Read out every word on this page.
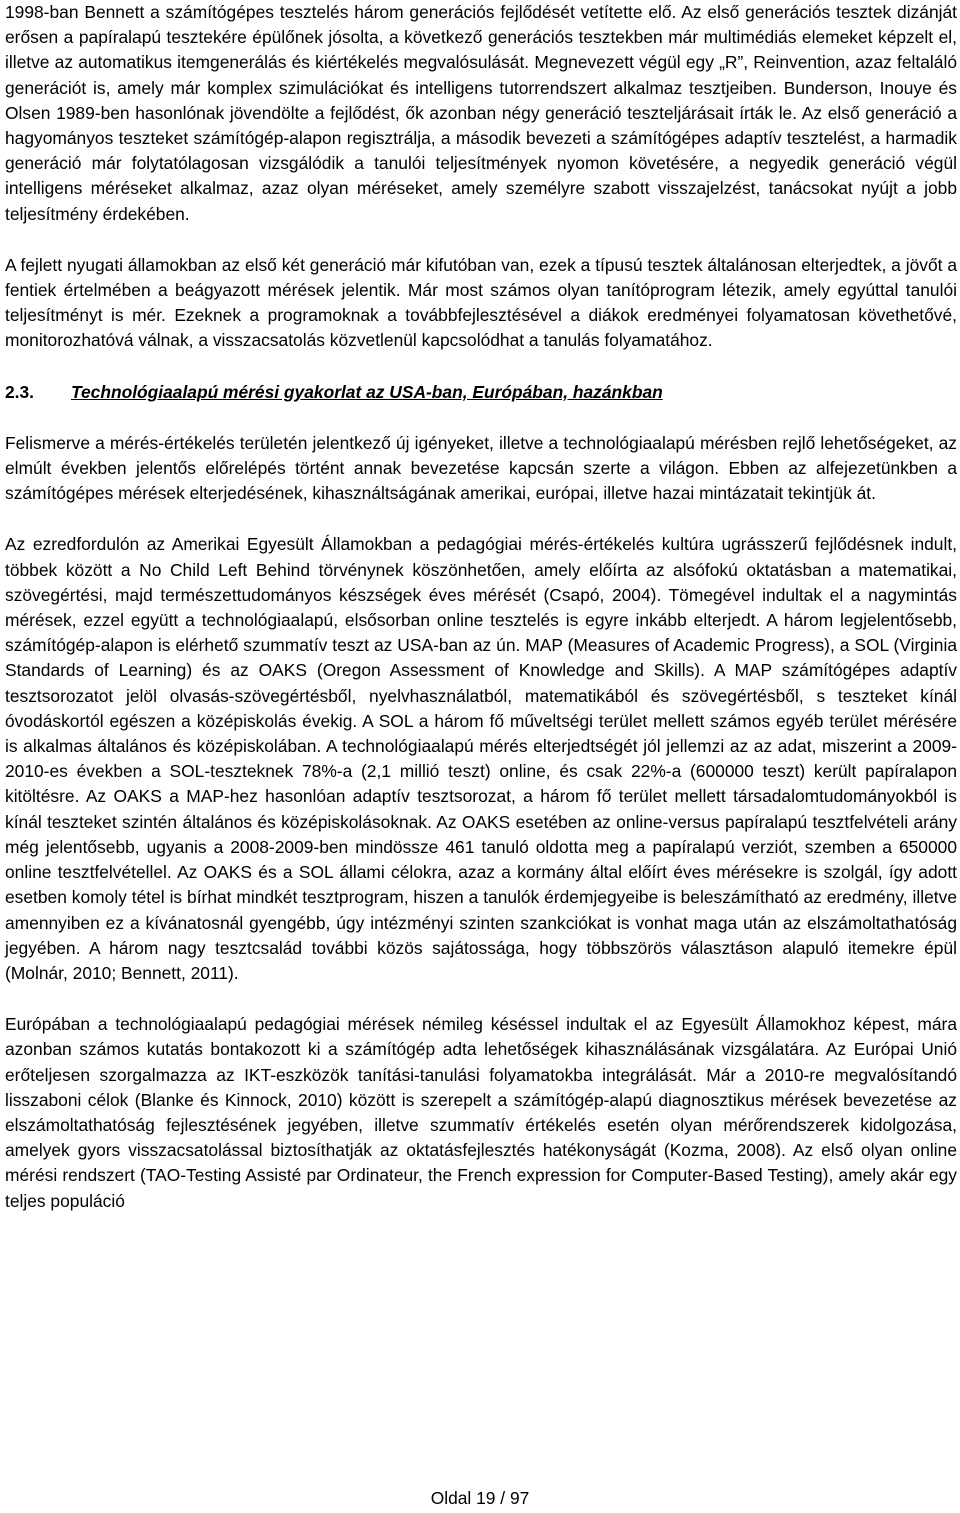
1998-ban Bennett a számítógépes tesztelés három generációs fejlődését vetítette elő. Az első generációs tesztek dizánját erősen a papíralapú tesztekére épülőnek jósolta, a következő generációs tesztekben már multimédiás elemeket képzelt el, illetve az automatikus itemgenerálás és kiértékelés megvalósulását. Megnevezett végül egy „R”, Reinvention, azaz feltaláló generációt is, amely már komplex szimulációkat és intelligens tutorrendszert alkalmaz tesztjeiben. Bunderson, Inouye és Olsen 1989-ben hasonlónak jövendölte a fejlődést, ők azonban négy generáció teszteljárásait írták le. Az első generáció a hagyományos teszteket számítógép-alapon regisztrálja, a második bevezeti a számítógépes adaptív tesztelést, a harmadik generáció már folytatólagosan vizsgálódik a tanulói teljesítmények nyomon követésére, a negyedik generáció végül intelligens méréseket alkalmaz, azaz olyan méréseket, amely személyre szabott visszajelzést, tanácsokat nyújt a jobb teljesítmény érdekében.

A fejlett nyugati államokban az első két generáció már kifutóban van, ezek a típusú tesztek általánosan elterjedtek, a jövőt a fentiek értelmében a beágyazott mérések jelentik. Már most számos olyan tanítóprogram létezik, amely egyúttal tanulói teljesítményt is mér. Ezeknek a programoknak a továbbfejlesztésével a diákok eredményei folyamatosan követhetővé, monitorozhatóvá válnak, a visszacsatolás közvetlenül kapcsolódhat a tanulás folyamatához.

2.3.	Technológiaalapú mérési gyakorlat az USA-ban, Európában, hazánkban

Felismerve a mérés-értékelés területén jelentkező új igényeket, illetve a technológiaalapú mérésben rejlő lehetőségeket, az elmúlt években jelentős előrelépés történt annak bevezetése kapcsán szerte a világon. Ebben az alfejezetünkben a számítógépes mérések elterjedésének, kihasználtságának amerikai, európai, illetve hazai mintázatait tekintjük át.

Az ezredfordulón az Amerikai Egyesült Államokban a pedagógiai mérés-értékelés kultúra ugrásszerű fejlődésnek indult, többek között a No Child Left Behind törvénynek köszönhetően, amely előírta az alsófokú oktatásban a matematikai, szövegértési, majd természettudományos készségek éves mérését (Csapó, 2004). Tömegével indultak el a nagymintás mérések, ezzel együtt a technológiaalapú, elsősorban online tesztelés is egyre inkább elterjedt. A három legjelentősebb, számítógép-alapon is elérhető szummatív teszt az USA-ban az ún. MAP (Measures of Academic Progress), a SOL (Virginia Standards of Learning) és az OAKS (Oregon Assessment of Knowledge and Skills). A MAP számítógépes adaptív tesztsorozatot jelöl olvasás-szövegértésből, nyelvhasználatból, matematikából és szövegértésből, s teszteket kínál óvodáskortól egészen a középiskolás évekig. A SOL a három fő műveltségi terület mellett számos egyéb terület mérésére is alkalmas általános és középiskolában. A technológiaalapú mérés elterjedtségét jól jellemzi az az adat, miszerint a 2009-2010-es években a SOL-teszteknek 78%-a (2,1 millió teszt) online, és csak 22%-a (600000 teszt) került papíralapon kitöltésre. Az OAKS a MAP-hez hasonlóan adaptív tesztsorozat, a három fő terület mellett társadalomtudományokból is kínál teszteket szintén általános és középiskolásoknak. Az OAKS esetében az online-versus papíralapú tesztfelvételi arány még jelentősebb, ugyanis a 2008-2009-ben mindössze 461 tanuló oldotta meg a papíralapú verziót, szemben a 650000 online tesztfelvétellel. Az OAKS és a SOL állami célokra, azaz a kormány által előírt éves mérésekre is szolgál, így adott esetben komoly tétel is bírhat mindkét tesztprogram, hiszen a tanulók érdemjegyeibe is beleszámítható az eredmény, illetve amennyiben ez a kívánatosnál gyengébb, úgy intézményi szinten szankciókat is vonhat maga után az elszámoltathatóság jegyében. A három nagy tesztcsalád további közös sajátossága, hogy többszörös választáson alapuló itemekre épül (Molnár, 2010; Bennett, 2011).

Európában a technológiaalapú pedagógiai mérések némileg késéssel indultak el az Egyesült Államokhoz képest, mára azonban számos kutatás bontakozott ki a számítógép adta lehetőségek kihasználásának vizsgálatára. Az Európai Unió erőteljesen szorgalmazza az IKT-eszközök tanítási-tanulási folyamatokba integrálását. Már a 2010-re megvalósítandó lisszaboni célok (Blanke és Kinnock, 2010) között is szerepelt a számítógép-alapú diagnosztikus mérések bevezetése az elszámoltathatóság fejlesztésének jegyében, illetve szummatív értékelés esetén olyan mérőrendszerek kidolgozása, amelyek gyors visszacsatolással biztosíthatják az oktatásfejlesztés hatékonyságát (Kozma, 2008). Az első olyan online mérési rendszert (TAO-Testing Assisté par Ordinateur, the French expression for Computer-Based Testing), amely akár egy teljes populáció

Oldal 19 / 97
